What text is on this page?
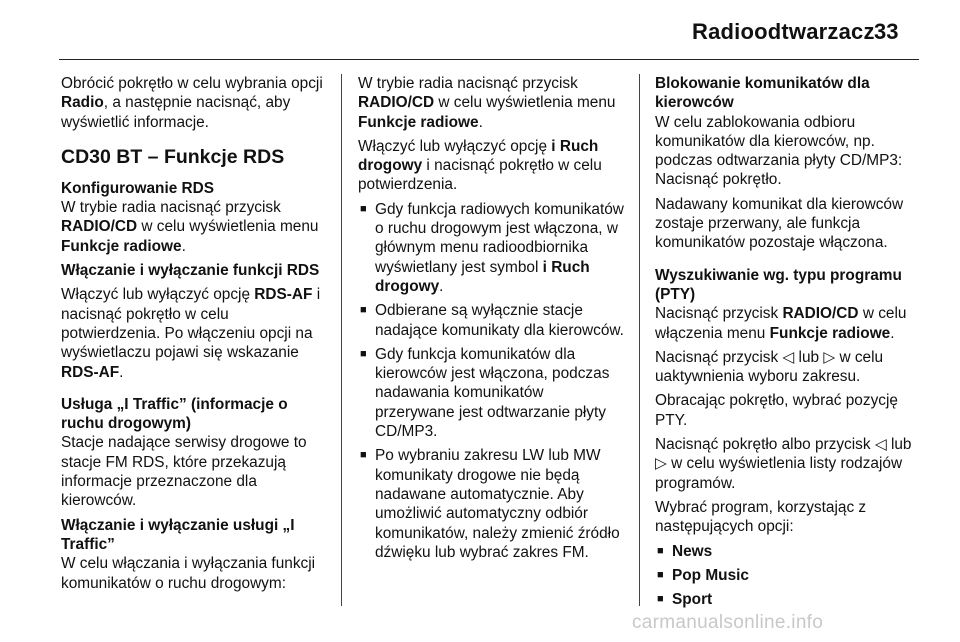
Radioodtwarzacz 33

Obrócić pokrętło w celu wybrania opcji Radio, a następnie nacisnąć, aby wyświetlić informacje.

CD30 BT – Funkcje RDS

Konfigurowanie RDS

W trybie radia nacisnąć przycisk RADIO/CD w celu wyświetlenia menu Funkcje radiowe.

Włączanie i wyłączanie funkcji RDS

Włączyć lub wyłączyć opcję RDS-AF i nacisnąć pokrętło w celu potwierdzenia. Po włączeniu opcji na wyświetlaczu pojawi się wskazanie RDS-AF.

Usługa „I Traffic” (informacje o ruchu drogowym)

Stacje nadające serwisy drogowe to stacje FM RDS, które przekazują informacje przeznaczone dla kierowców.

Włączanie i wyłączanie usługi „I Traffic”

W celu włączania i wyłączania funkcji komunikatów o ruchu drogowym:

W trybie radia nacisnąć przycisk RADIO/CD w celu wyświetlenia menu Funkcje radiowe.

Włączyć lub wyłączyć opcję i Ruch drogowy i nacisnąć pokrętło w celu potwierdzenia.

■ Gdy funkcja radiowych komunikatów o ruchu drogowym jest włączona, w głównym menu radioodbiornika wyświetlany jest symbol i Ruch drogowy.
■ Odbierane są wyłącznie stacje nadające komunikaty dla kierowców.
■ Gdy funkcja komunikatów dla kierowców jest włączona, podczas nadawania komunikatów przerywane jest odtwarzanie płyty CD/MP3.
■ Po wybraniu zakresu LW lub MW komunikaty drogowe nie będą nadawane automatycznie. Aby umożliwić automatyczny odbiór komunikatów, należy zmienić źródło dźwięku lub wybrać zakres FM.

Blokowanie komunikatów dla kierowców

W celu zablokowania odbioru komunikatów dla kierowców, np. podczas odtwarzania płyty CD/MP3: Nacisnąć pokrętło.

Nadawany komunikat dla kierowców zostaje przerwany, ale funkcja komunikatów pozostaje włączona.

Wyszukiwanie wg. typu programu (PTY)

Nacisnąć przycisk RADIO/CD w celu włączenia menu Funkcje radiowe.

Nacisnąć przycisk ◁ lub ▷ w celu uaktywnienia wyboru zakresu.

Obracając pokrętło, wybrać pozycję PTY.

Nacisnąć pokrętło albo przycisk ◁ lub ▷ w celu wyświetlenia listy rodzajów programów.

Wybrać program, korzystając z następujących opcji:

■ News
■ Pop Music
■ Sport
carmanualsonline.info
